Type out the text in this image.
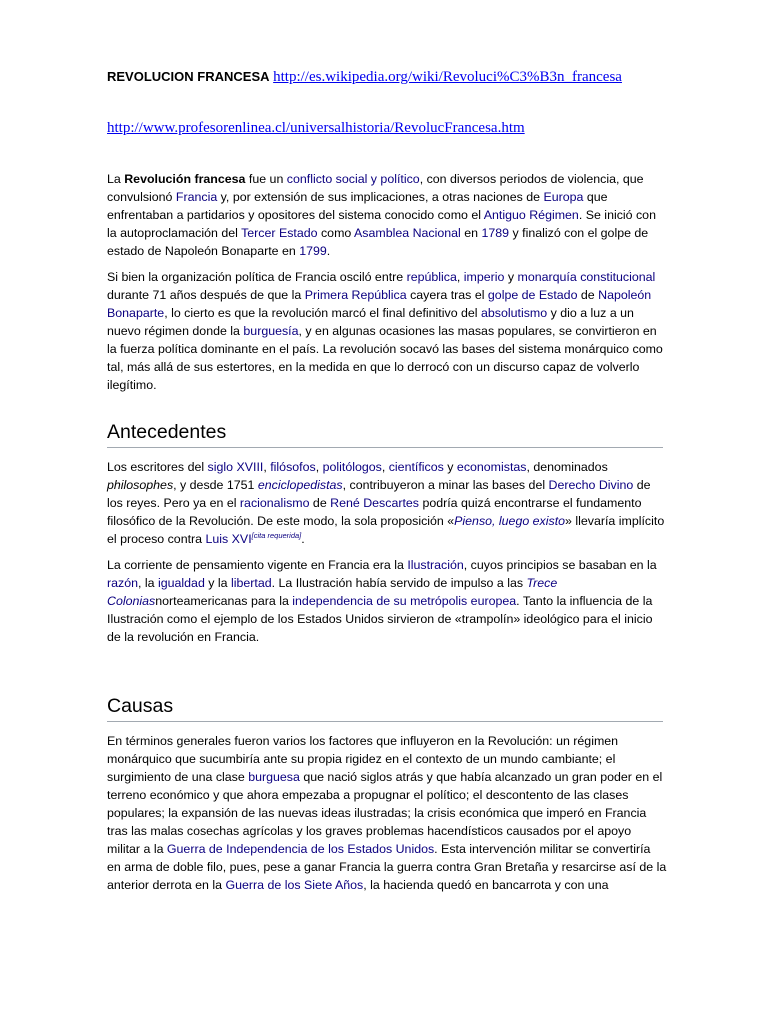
REVOLUCION FRANCESA http://es.wikipedia.org/wiki/Revoluci%C3%B3n_francesa
http://www.profesorenlinea.cl/universalhistoria/RevolucFrancesa.htm

La Revolución francesa fue un conflicto social y político, con diversos periodos de violencia, que convulsionó Francia y, por extensión de sus implicaciones, a otras naciones de Europa que enfrentaban a partidarios y opositores del sistema conocido como el Antiguo Régimen. Se inició con la autoproclamación del Tercer Estado como Asamblea Nacional en 1789 y finalizó con el golpe de estado de Napoleón Bonaparte en 1799.

Si bien la organización política de Francia osciló entre república, imperio y monarquía constitucional durante 71 años después de que la Primera República cayera tras el golpe de Estado de Napoleón Bonaparte, lo cierto es que la revolución marcó el final definitivo del absolutismo y dio a luz a un nuevo régimen donde la burguesía, y en algunas ocasiones las masas populares, se convirtieron en la fuerza política dominante en el país. La revolución socavó las bases del sistema monárquico como tal, más allá de sus estertores, en la medida en que lo derrocó con un discurso capaz de volverlo ilegítimo.

Antecedentes

Los escritores del siglo XVIII, filósofos, politólogos, científicos y economistas, denominados philosophes, y desde 1751 enciclopedistas, contribuyeron a minar las bases del Derecho Divino de los reyes. Pero ya en el racionalismo de René Descartes podría quizá encontrarse el fundamento filosófico de la Revolución. De este modo, la sola proposición «Pienso, luego existo» llevaría implícito el proceso contra Luis XVI[cita requerida].

La corriente de pensamiento vigente en Francia era la Ilustración, cuyos principios se basaban en la razón, la igualdad y la libertad. La Ilustración había servido de impulso a las Trece Coloniasnorteamericanas para la independencia de su metrópolis europea. Tanto la influencia de la Ilustración como el ejemplo de los Estados Unidos sirvieron de «trampolín» ideológico para el inicio de la revolución en Francia.

Causas

En términos generales fueron varios los factores que influyeron en la Revolución: un régimen monárquico que sucumbiría ante su propia rigidez en el contexto de un mundo cambiante; el surgimiento de una clase burguesa que nació siglos atrás y que había alcanzado un gran poder en el terreno económico y que ahora empezaba a propugnar el político; el descontento de las clases populares; la expansión de las nuevas ideas ilustradas; la crisis económica que imperó en Francia tras las malas cosechas agrícolas y los graves problemas hacendísticos causados por el apoyo militar a la Guerra de Independencia de los Estados Unidos. Esta intervención militar se convertiría en arma de doble filo, pues, pese a ganar Francia la guerra contra Gran Bretaña y resarcirse así de la anterior derrota en la Guerra de los Siete Años, la hacienda quedó en bancarrota y con una
